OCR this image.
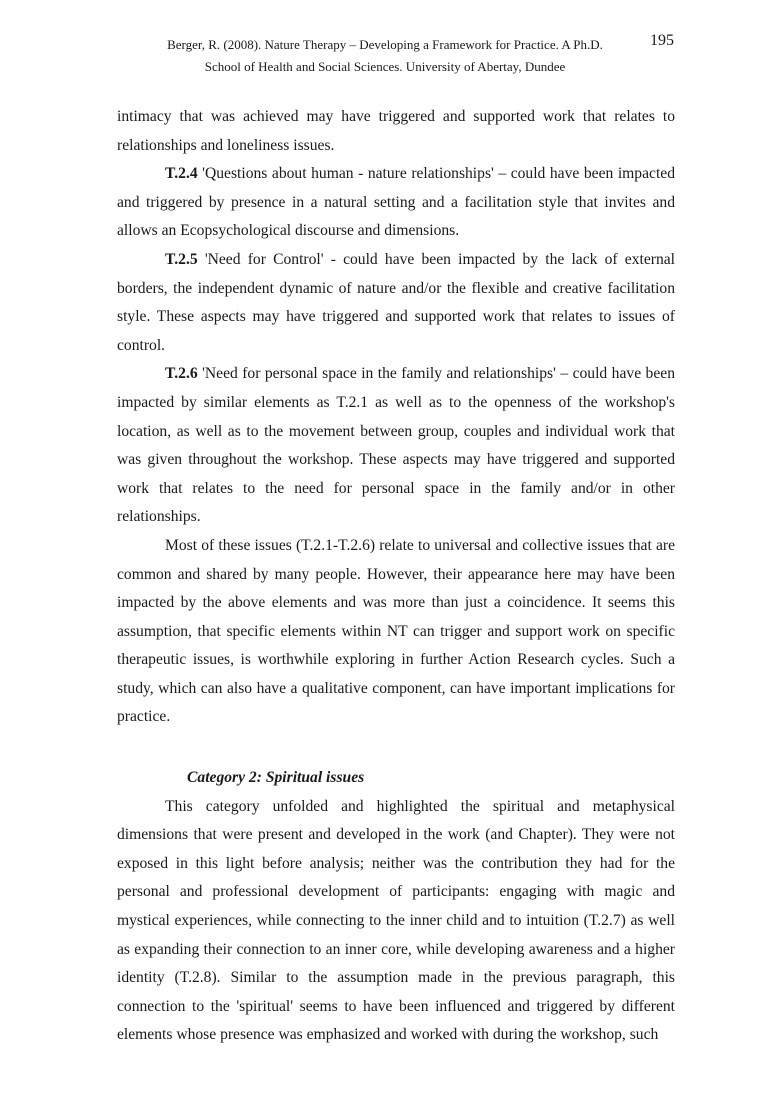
Berger, R. (2008). Nature Therapy – Developing a Framework for Practice. A Ph.D.
School of Health and Social Sciences. University of Abertay, Dundee
195

intimacy that was achieved may have triggered and supported work that relates to relationships and loneliness issues.

T.2.4 'Questions about human - nature relationships' – could have been impacted and triggered by presence in a natural setting and a facilitation style that invites and allows an Ecopsychological discourse and dimensions.

T.2.5 'Need for Control' - could have been impacted by the lack of external borders, the independent dynamic of nature and/or the flexible and creative facilitation style. These aspects may have triggered and supported work that relates to issues of control.

T.2.6 'Need for personal space in the family and relationships' – could have been impacted by similar elements as T.2.1 as well as to the openness of the workshop's location, as well as to the movement between group, couples and individual work that was given throughout the workshop. These aspects may have triggered and supported work that relates to the need for personal space in the family and/or in other relationships.

Most of these issues (T.2.1-T.2.6) relate to universal and collective issues that are common and shared by many people. However, their appearance here may have been impacted by the above elements and was more than just a coincidence. It seems this assumption, that specific elements within NT can trigger and support work on specific therapeutic issues, is worthwhile exploring in further Action Research cycles. Such a study, which can also have a qualitative component, can have important implications for practice.

Category 2: Spiritual issues

This category unfolded and highlighted the spiritual and metaphysical dimensions that were present and developed in the work (and Chapter). They were not exposed in this light before analysis; neither was the contribution they had for the personal and professional development of participants: engaging with magic and mystical experiences, while connecting to the inner child and to intuition (T.2.7) as well as expanding their connection to an inner core, while developing awareness and a higher identity (T.2.8). Similar to the assumption made in the previous paragraph, this connection to the 'spiritual' seems to have been influenced and triggered by different elements whose presence was emphasized and worked with during the workshop, such
